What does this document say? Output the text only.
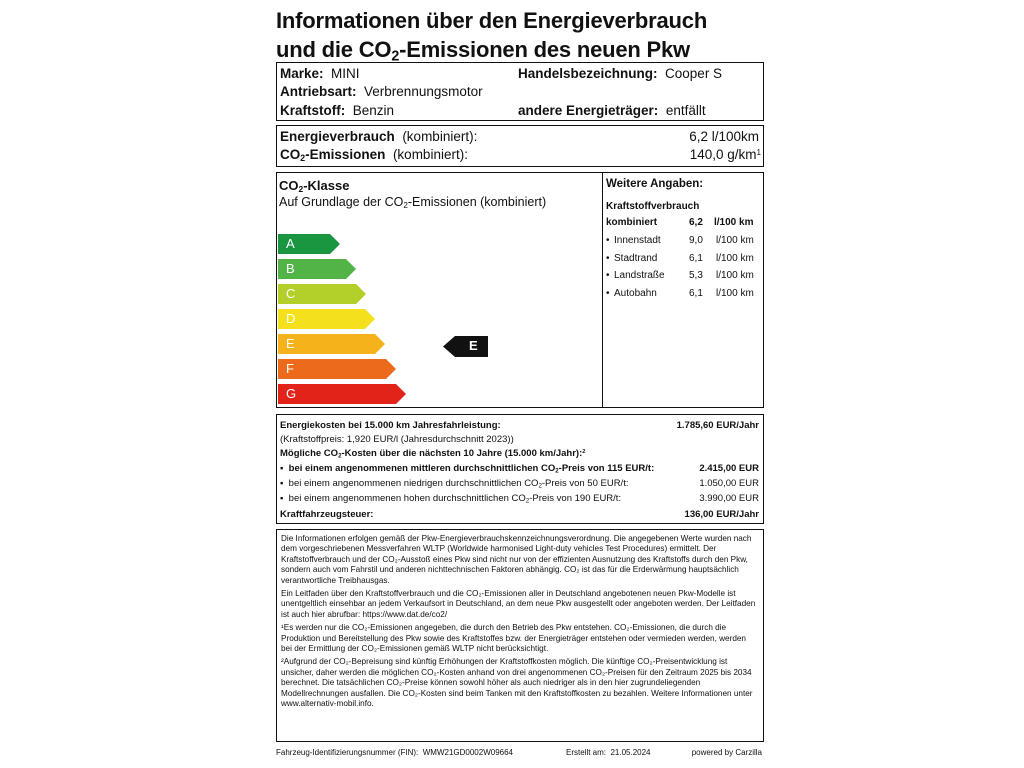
Informationen über den Energieverbrauch
und die $CO_2$-Emissionen des neuen Pkw
Marke: MINI	Handelsbezeichnung: Cooper S
Antriebsart: Verbrennungsmotor
Kraftstoff: Benzin	andere Energieträger: entfällt
Energieverbrauch (kombiniert):	6,2 l/100km
$CO_2$-Emissionen (kombiniert):	140,0 $g/km^1$
$CO_2$-Klasse
Auf Grundlage der $CO_2$-Emissionen (kombiniert)
A
B
C
D
E
F
G
E
Weitere Angaben:
Kraftstoffverbrauch
kombiniert	6,2 l/100 km
• Innenstadt	9,0 l/100 km
• Stadtrand	6,1 l/100 km
• Landstraße 5,3 l/100 km
• Autobahn	6,1 l/100 km
Energiekosten bei 15.000 km Jahresfahrleistung:	1.785,60 EUR/Jahr
(Kraftstoffpreis: 1,920 EUR/l (Jahresdurchschnitt 2023))
Mögliche $CO_2$-Kosten über die nächsten 10 Jahre (15.000 km/Jahr):$^2$
▪  bei einem angenommenen mittleren durchschnittlichen $CO_2$-Preis von 115 EUR/t:	2.415,00 EUR
▪  bei einem angenommenen niedrigen durchschnittlichen $CO_2$-Preis von 50 EUR/t:	1.050,00 EUR
▪  bei einem angenommenen hohen durchschnittlichen $CO_2$-Preis von 190 EUR/t:	3.990,00 EUR
Kraftfahrzeugsteuer:	136,00 EUR/Jahr

Die Informationen erfolgen gemäß der Pkw-Energieverbrauchskennzeichnungsverordnung. Die angegebenen Werte wurden nach dem vorgeschriebenen Messverfahren WLTP (Worldwide harmonised Light-duty vehicles Test Procedures) ermittelt. Der Kraftstoffverbrauch und der CO₂-Ausstoß eines Pkw sind nicht nur von der effizienten Ausnutzung des Kraftstoffs durch den Pkw, sondern auch vom Fahrstil und anderen nichttechnischen Faktoren abhängig. CO₂ ist das für die Erderwärmung hauptsächlich verantwortliche Treibhausgas.

Ein Leitfaden über den Kraftstoffverbrauch und die CO₂-Emissionen aller in Deutschland angebotenen neuen Pkw-Modelle ist unentgeltlich einsehbar an jedem Verkaufsort in Deutschland, an dem neue Pkw ausgestellt oder angeboten werden. Der Leitfaden ist auch hier abrufbar: https://www.dat.de/co2/

¹Es werden nur die CO₂-Emissionen angegeben, die durch den Betrieb des Pkw entstehen. CO₂-Emissionen, die durch die Produktion und Bereitstellung des Pkw sowie des Kraftstoffes bzw. der Energieträger entstehen oder vermieden werden, werden bei der Ermittlung der CO₂-Emissionen gemäß WLTP nicht berücksichtigt.

²Aufgrund der CO₂-Bepreisung sind künftig Erhöhungen der Kraftstoffkosten möglich. Die künftige CO₂-Preisentwicklung ist unsicher, daher werden die möglichen CO₂-Kosten anhand von drei angenommenen CO₂-Preisen für den Zeitraum 2025 bis 2034 berechnet. Die tatsächlichen CO₂-Preise können sowohl höher als auch niedriger als in den hier zugrundeliegenden Modellrechnungen ausfallen. Die CO₂-Kosten sind beim Tanken mit den Kraftstoffkosten zu bezahlen. Weitere Informationen unter www.alternativ-mobil.info.

Fahrzeug-Identifizierungsnummer (FIN): WMW21GD0002W09664	Erstellt am: 21.05.2024	powered by Carzilla
